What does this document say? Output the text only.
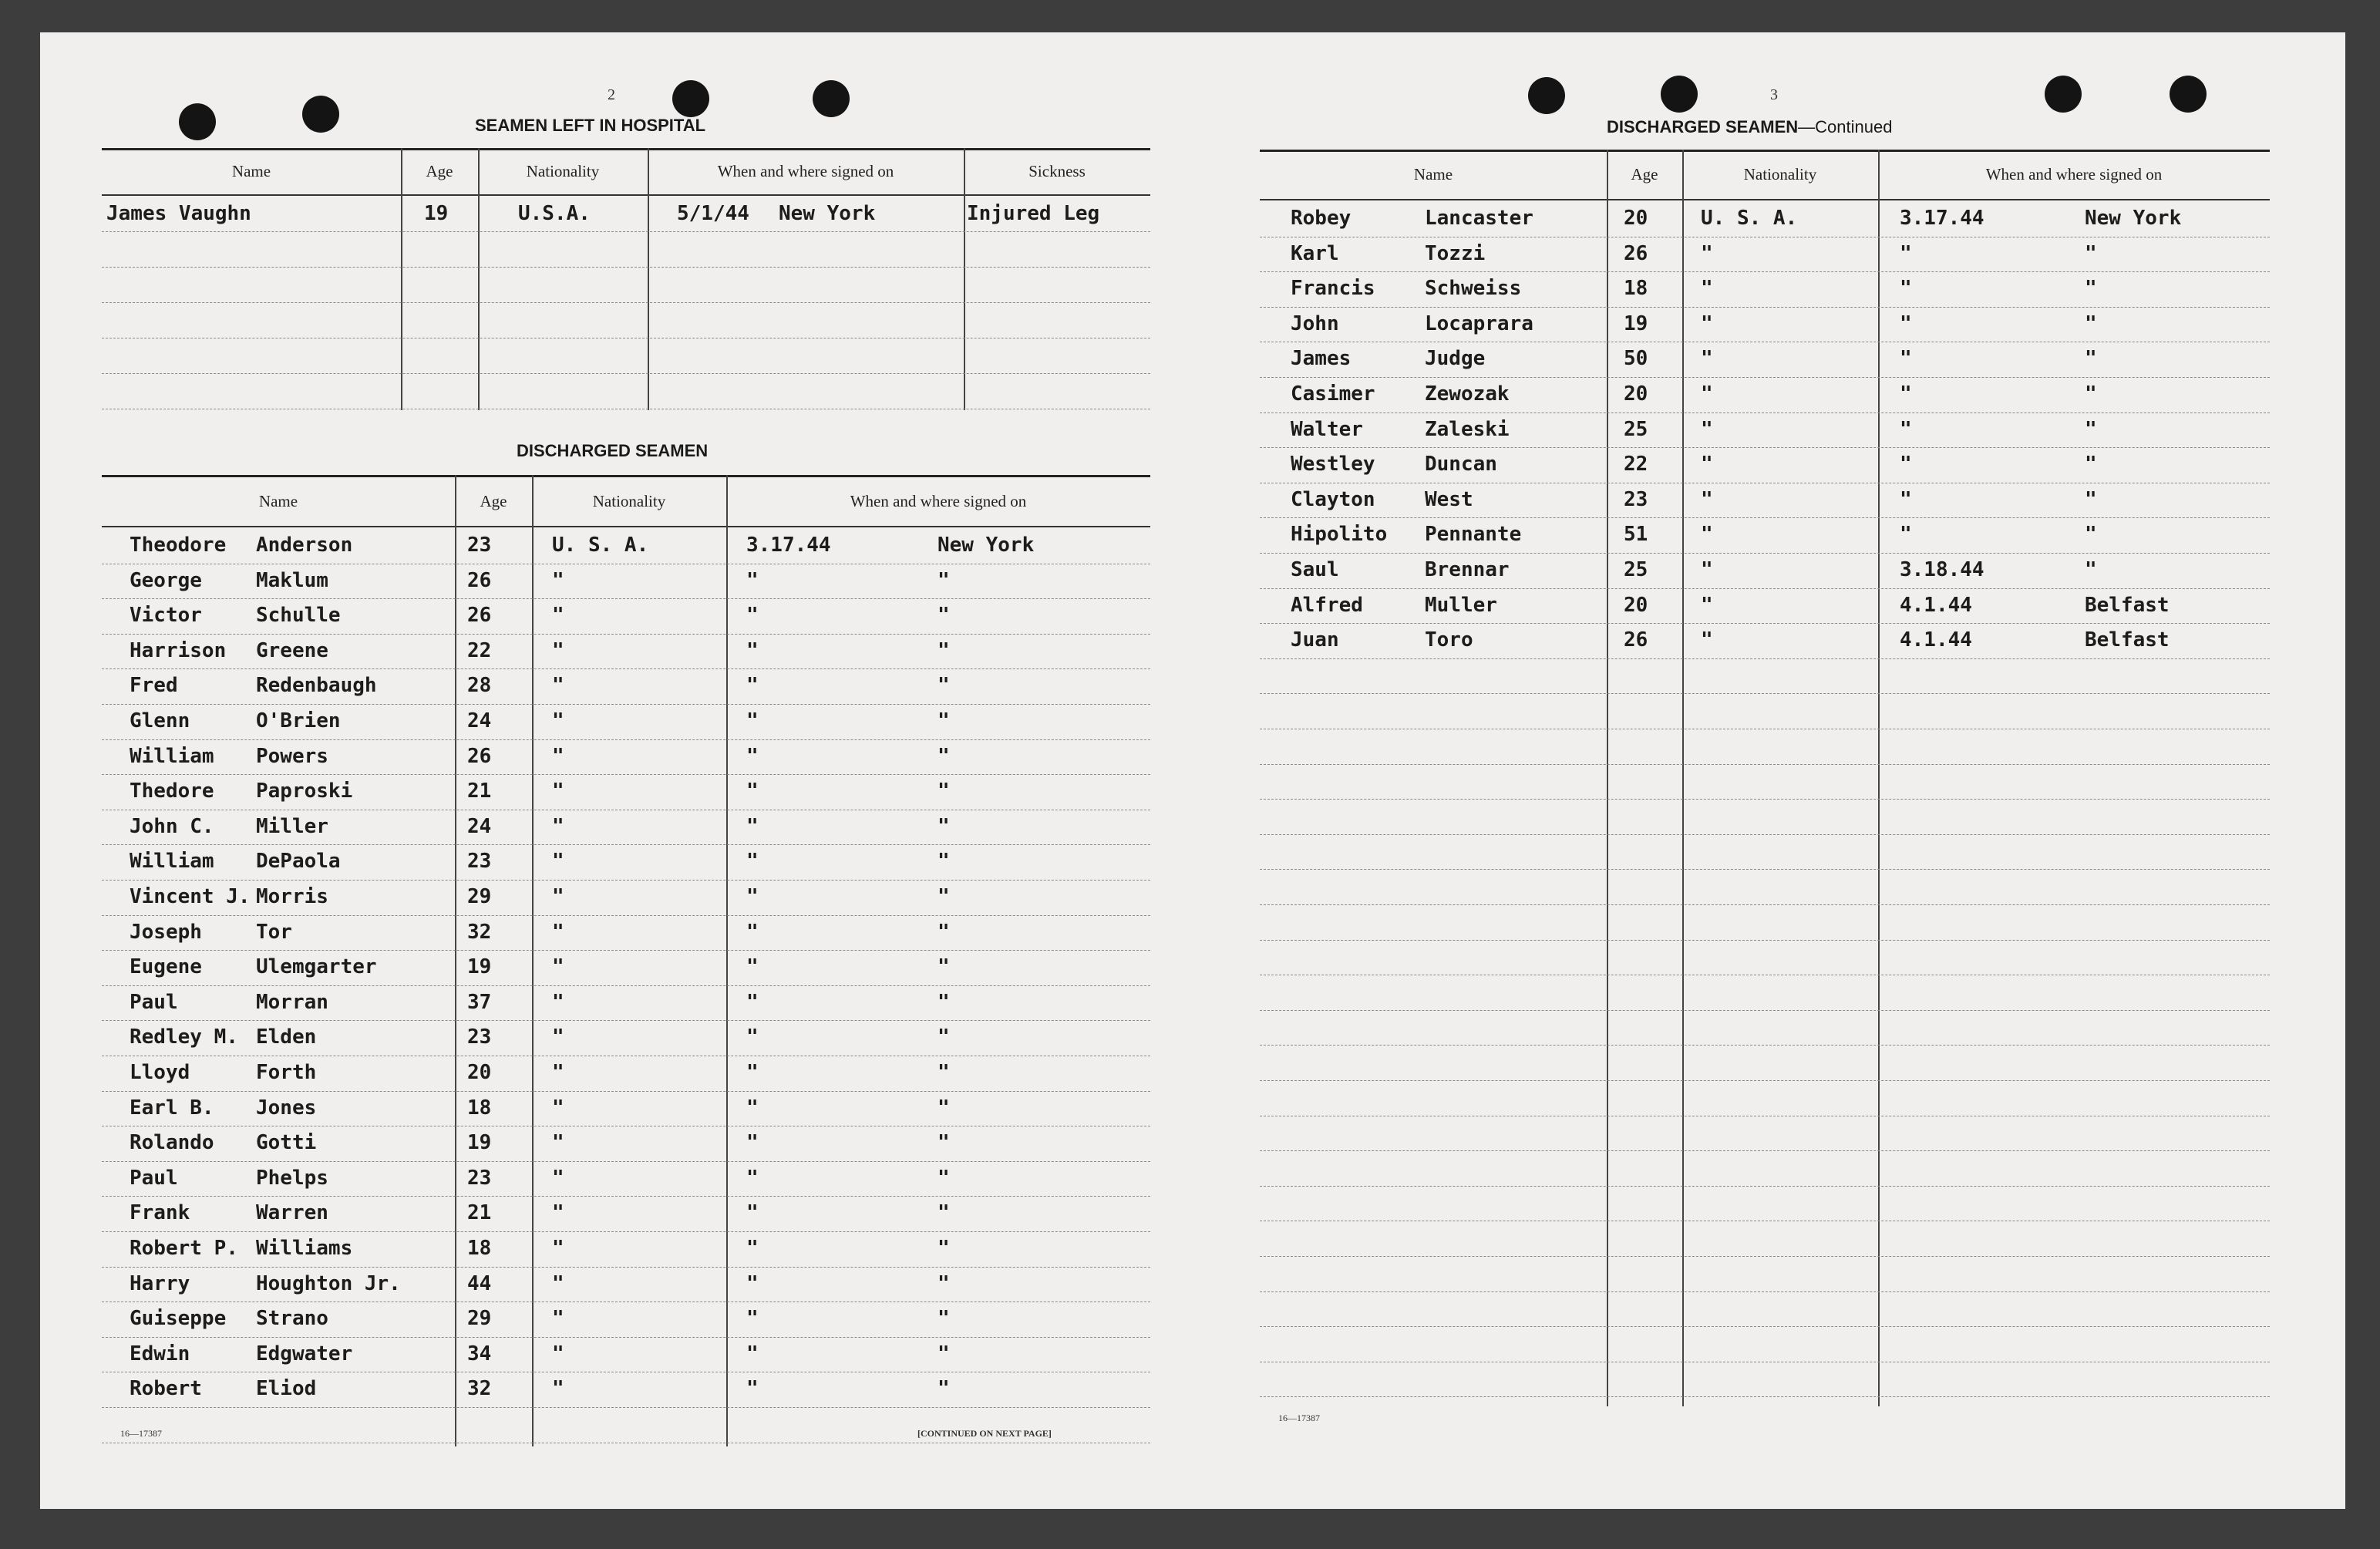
2
SEAMEN LEFT IN HOSPITAL
Name	Age	Nationality	When and where signed on	Sickness
James Vaughn	19	U.S.A.	5/1/44 New York	Injured Leg
DISCHARGED SEAMEN
Name	Age	Nationality	When and where signed on
Theodore Anderson	23	U. S. A.	3.17.44	New York
George	Maklum	26	"	"	"
Victor	Schulle	26	"	"	"
Harrison Greene	22	"	"	"
Fred	Redenbaugh	28	"	"	"
Glenn	O'Brien	24	"	"	"
William Powers	26	"	"	"
Thedore Paproski	21	"	"	"
John C. Miller	24	"	"	"
William DePaola	23	"	"	"
Vincent J. Morris	29	"	"	"
Joseph	Tor	32	"	"	"
Eugene	Ulemgarter	19	"	"	"
Paul	Morran	37	"	"	"
Redley M. Elden	23	"	"	"
Lloyd	Forth	20	"	"	"
Earl B. Jones	18	"	"	"
Rolando Gotti	19	"	"	"
Paul	Phelps	23	"	"	"
Frank	Warren	21	"	"	"
Robert P. Williams	18	"	"	"
Harry	Houghton Jr.	44	"	"	"
Guiseppe Strano	29	"	"	"
Edwin	Edgwater	34	"	"	"
Robert	Eliod	32	"	"	"
16—17387	[CONTINUED ON NEXT PAGE]
3
DISCHARGED SEAMEN—Continued
Name	Age	Nationality	When and where signed on
Robey	Lancaster	20	U. S. A.	3.17.44	New York
Karl	Tozzi	26	"	"	"
Francis Schweiss	18	"	"	"
John	Locaprara	19	"	"	"
James	Judge	50	"	"	"
Casimer Zewozak	20	"	"	"
Walter	Zaleski	25	"	"	"
Westley Duncan	22	"	"	"
Clayton West	23	"	"	"
Hipolito Pennante	51	"	"	"
Saul	Brennar	25	"	3.18.44	"
Alfred	Muller	20	"	4.1.44	Belfast
Juan	Toro	26	"	4.1.44	Belfast
16—17387
